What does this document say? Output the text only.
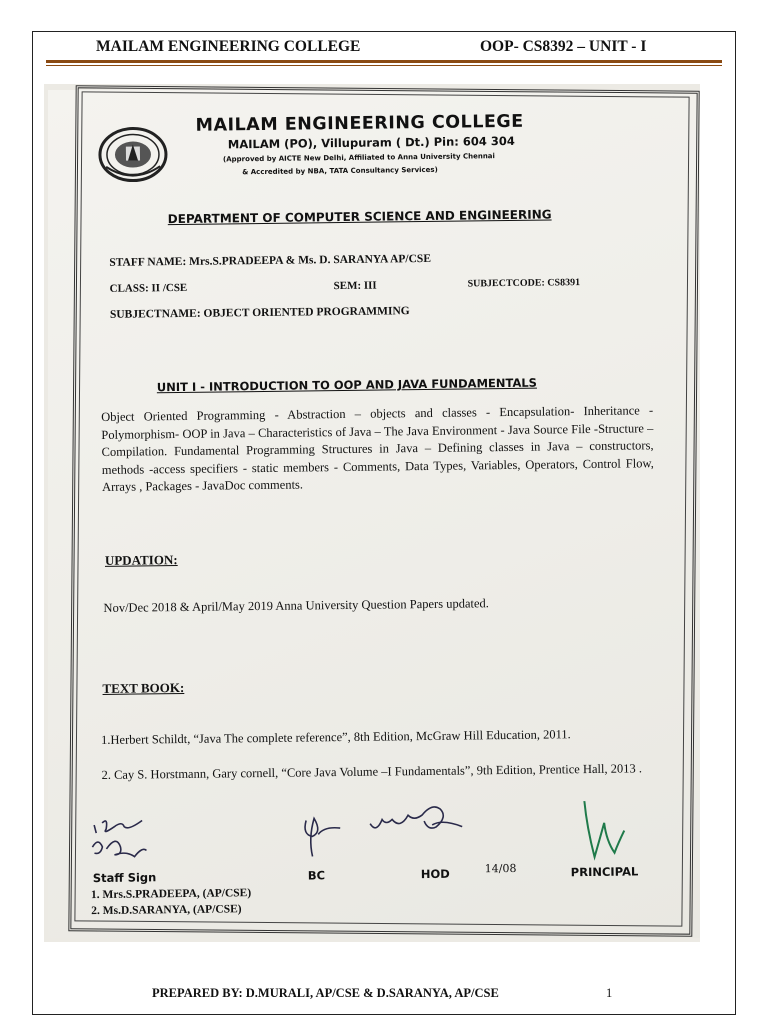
MAILAM ENGINEERING COLLEGE	OOP- CS8392 – UNIT - I
MAILAM ENGINEERING COLLEGE
MAILAM (PO), Villupuram ( Dt.) Pin: 604 304
(Approved by AICTE New Delhi, Affiliated to Anna University Chennai
& Accredited by NBA, TATA Consultancy Services)
DEPARTMENT OF COMPUTER SCIENCE AND ENGINEERING
STAFF NAME: Mrs.S.PRADEEPA & Ms. D. SARANYA AP/CSE
CLASS: II /CSE	SEM: III	SUBJECTCODE: CS8391
SUBJECTNAME: OBJECT ORIENTED PROGRAMMING
UNIT I - INTRODUCTION TO OOP AND JAVA FUNDAMENTALS
Object Oriented Programming - Abstraction – objects and classes - Encapsulation- Inheritance - Polymorphism- OOP in Java – Characteristics of Java – The Java Environment - Java Source File -Structure – Compilation. Fundamental Programming Structures in Java – Defining classes in Java – constructors, methods -access specifiers - static members - Comments, Data Types, Variables, Operators, Control Flow, Arrays , Packages - JavaDoc comments.
UPDATION:
Nov/Dec 2018 & April/May 2019 Anna University Question Papers updated.
TEXT BOOK:
1.Herbert Schildt, “Java The complete reference”, 8th Edition, McGraw Hill Education, 2011.
2. Cay S. Horstmann, Gary cornell, “Core Java Volume –I Fundamentals”, 9th Edition, Prentice Hall, 2013 .
Staff Sign	BC	HOD	14/08	PRINCIPAL
1. Mrs.S.PRADEEPA, (AP/CSE)
2. Ms.D.SARANYA, (AP/CSE)
PREPARED BY: D.MURALI, AP/CSE & D.SARANYA, AP/CSE	1
